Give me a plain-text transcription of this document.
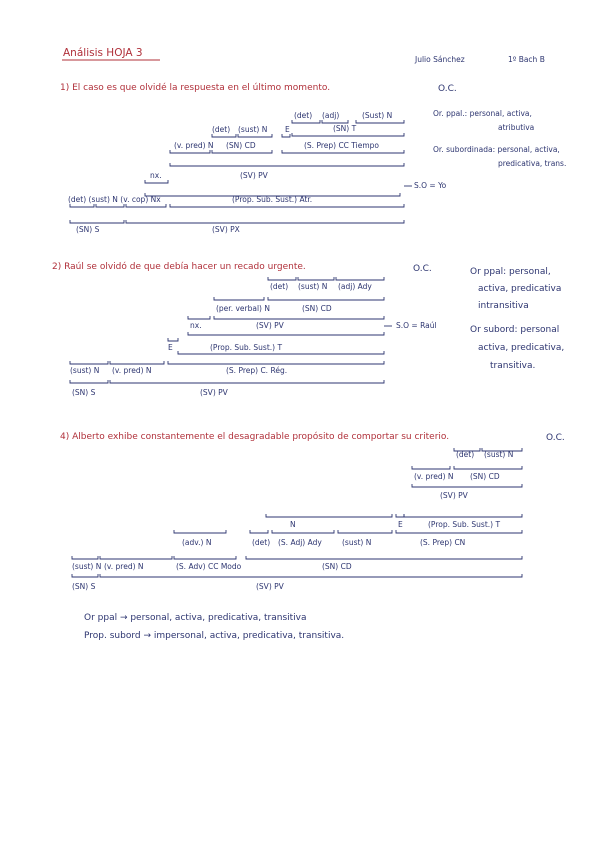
Análisis HOJA 3
Julio Sánchez	1º Bach B
1) El caso es que olvidé la respuesta en el último momento.	O.C.
(det) (adj)	(Sust) N
(SN) T
(det) (sust) N E
(v. pred) N (SN) CD	(S. Prep) CC Tiempo
nx.	(SV) PV
S.O = Yo
(det) (sust) N (v. cop) Nx	(Prop. Sub. Sust.) Atr.
(SN) S	(SV) PX
Or. ppal.: personal, activa,
atributiva
Or. subordinada: personal, activa,
predicativa, trans.
2) Raúl se olvidó de que debía hacer un recado urgente.	O.C.
(det) (sust) N (adj) Ady
(per. verbal) N	(SN) CD
nx.	(SV) PV	S.O = Raúl
E	(Prop. Sub. Sust.) T
(sust) N (v. pred) N	(S. Prep) C. Rég.
(SN) S	(SV) PV
Or ppal: personal,
activa, predicativa
intransitiva
Or subord: personal
activa, predicativa,
transitiva.
4) Alberto exhibe constantemente el desagradable propósito de comportar su criterio.	O.C.
(det) (sust) N
(v. pred) N (SN) CD
(SV) PV
N	E	(Prop. Sub. Sust.) T
(adv.) N	(det) (S. Adj) Ady	(sust) N	(S. Prep) CN
(sust) N (v. pred) N	(S. Adv) CC Modo	(SN) CD
(SN) S	(SV) PV
Or ppal → personal, activa, predicativa, transitiva
Prop. subord → impersonal, activa, predicativa, transitiva.
